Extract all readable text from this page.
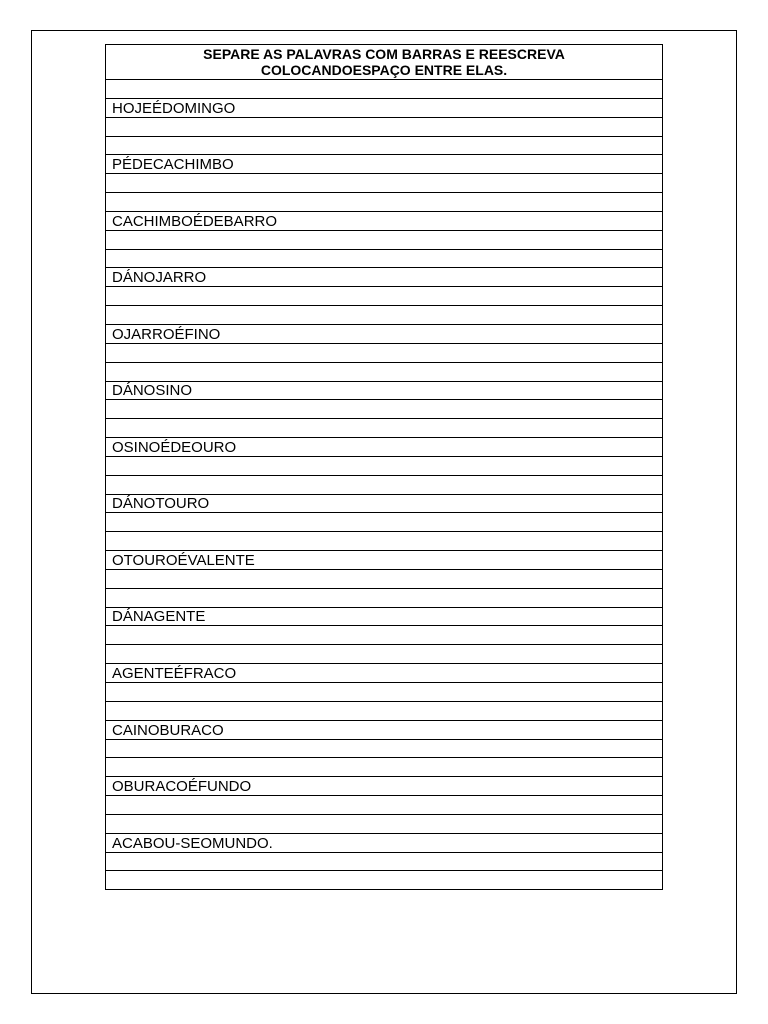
SEPARE AS PALAVRAS COM BARRAS E REESCREVA
COLOCANDOESPAÇO ENTRE ELAS.

HOJEÉDOMINGO

PÉDECACHIMBO

CACHIMBOÉDEBARRO

DÁNOJARRO

OJARROÉFINO

DÁNOSINO

OSINOÉDEOURO

DÁNOTOURO

OTOUROÉVALENTE

DÁNAGENTE

AGENTEÉFRACO

CAINOBURACO

OBURACOÉFUNDO

ACABOU-SEOMUNDO.
